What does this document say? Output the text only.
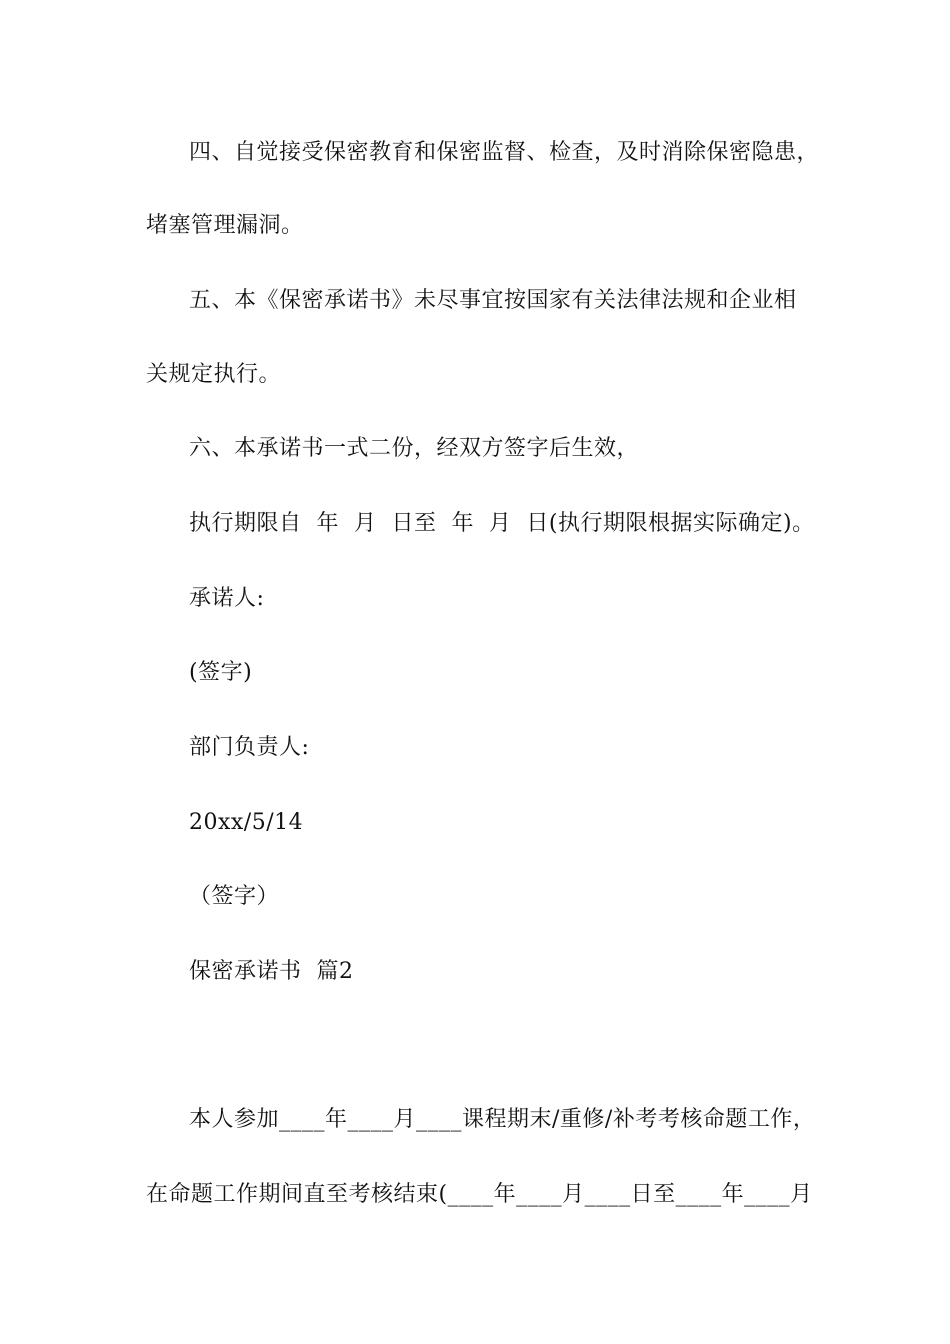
四、自觉接受保密教育和保密监督、检查，及时消除保密隐患，
堵塞管理漏洞。
五、本《保密承诺书》未尽事宜按国家有关法律法规和企业相
关规定执行。
六、本承诺书一式二份，经双方签字后生效，
执行期限自  年  月  日至  年  月  日(执行期限根据实际确定)。
承诺人:
(签字)
部门负责人:
20xx/5/14
（签字）
保密承诺书  篇2
本人参加____年____月____课程期末/重修/补考考核命题工作，
在命题工作期间直至考核结束(____年____月____日至____年____月
